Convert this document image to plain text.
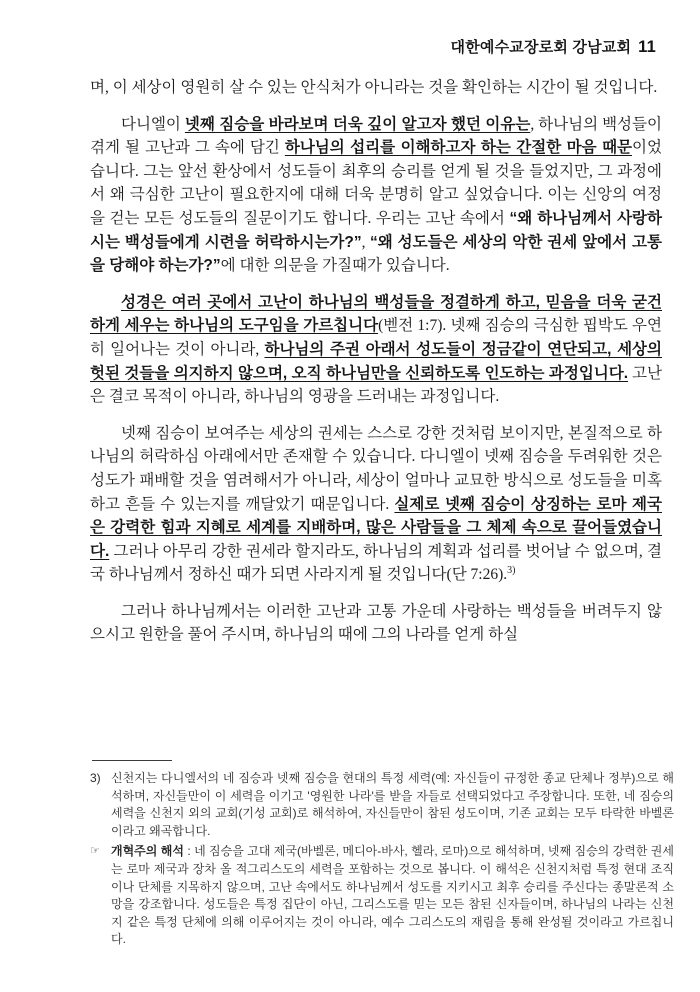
대한예수교장로회 강남교회 11

며, 이 세상이 영원히 살 수 있는 안식처가 아니라는 것을 확인하는 시간이 될 것입니다.

다니엘이 넷째 짐승을 바라보며 더욱 깊이 알고자 했던 이유는, 하나님의 백성들이 겪게 될 고난과 그 속에 담긴 하나님의 섭리를 이해하고자 하는 간절한 마음 때문이었습니다. 그는 앞선 환상에서 성도들이 최후의 승리를 얻게 될 것을 들었지만, 그 과정에서 왜 극심한 고난이 필요한지에 대해 더욱 분명히 알고 싶었습니다. 이는 신앙의 여정을 걷는 모든 성도들의 질문이기도 합니다. 우리는 고난 속에서 “왜 하나님께서 사랑하시는 백성들에게 시련을 허락하시는가?”, “왜 성도들은 세상의 악한 권세 앞에서 고통을 당해야 하는가?”에 대한 의문을 가질때가 있습니다.

성경은 여러 곳에서 고난이 하나님의 백성들을 정결하게 하고, 믿음을 더욱 굳건하게 세우는 하나님의 도구임을 가르칩니다(벧전 1:7). 넷째 짐승의 극심한 핍박도 우연히 일어나는 것이 아니라, 하나님의 주권 아래서 성도들이 정금같이 연단되고, 세상의 헛된 것들을 의지하지 않으며, 오직 하나님만을 신뢰하도록 인도하는 과정입니다. 고난은 결코 목적이 아니라, 하나님의 영광을 드러내는 과정입니다.

넷째 짐승이 보여주는 세상의 권세는 스스로 강한 것처럼 보이지만, 본질적으로 하나님의 허락하심 아래에서만 존재할 수 있습니다. 다니엘이 넷째 짐승을 두려워한 것은 성도가 패배할 것을 염려해서가 아니라, 세상이 얼마나 교묘한 방식으로 성도들을 미혹하고 흔들 수 있는지를 깨달았기 때문입니다. 실제로 넷째 짐승이 상징하는 로마 제국은 강력한 힘과 지혜로 세계를 지배하며, 많은 사람들을 그 체제 속으로 끌어들였습니다. 그러나 아무리 강한 권세라 할지라도, 하나님의 계획과 섭리를 벗어날 수 없으며, 결국 하나님께서 정하신 때가 되면 사라지게 될 것입니다(단 7:26).$^{3)}$

그러나 하나님께서는 이러한 고난과 고통 가운데 사랑하는 백성들을 버려두지 않으시고 원한을 풀어 주시며, 하나님의 때에 그의 나라를 얻게 하실

3) 신천지는 다니엘서의 네 짐승과 넷째 짐승을 현대의 특정 세력(예: 자신들이 규정한 종교 단체나 정부)으로 해석하며, 자신들만이 이 세력을 이기고 '영원한 나라'를 받을 자들로 선택되었다고 주장합니다. 또한, 네 짐승의 세력을 신천지 외의 교회(기성 교회)로 해석하여, 자신들만이 참된 성도이며, 기존 교회는 모두 타락한 바벨론이라고 왜곡합니다.
☞ 개혁주의 해석 : 네 짐승을 고대 제국(바벨론, 메디아-바사, 헬라, 로마)으로 해석하며, 넷째 짐승의 강력한 권세는 로마 제국과 장차 올 적그리스도의 세력을 포함하는 것으로 봅니다. 이 해석은 신천지처럼 특정 현대 조직이나 단체를 지목하지 않으며, 고난 속에서도 하나님께서 성도를 지키시고 최후 승리를 주신다는 종말론적 소망을 강조합니다. 성도들은 특정 집단이 아닌, 그리스도를 믿는 모든 참된 신자들이며, 하나님의 나라는 신천지 같은 특정 단체에 의해 이루어지는 것이 아니라, 예수 그리스도의 재림을 통해 완성될 것이라고 가르칩니다.
